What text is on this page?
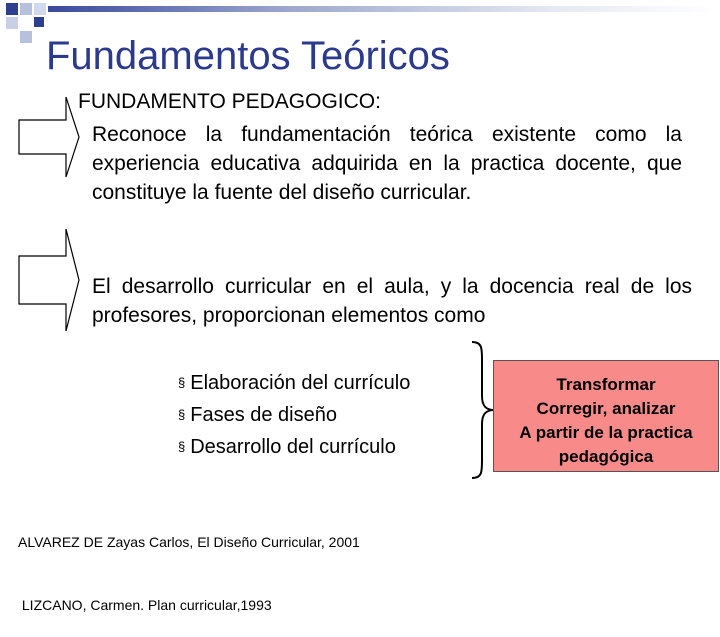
Fundamentos Teóricos
FUNDAMENTO PEDAGOGICO:
Reconoce la fundamentación teórica existente como la experiencia educativa adquirida en la practica docente, que constituye la fuente del diseño curricular.
El desarrollo curricular en el aula, y la docencia real de los profesores, proporcionan elementos como
§ Elaboración del currículo
§ Fases de diseño
§ Desarrollo del currículo
Transformar
Corregir, analizar
A partir de la practica
pedagógica

ALVAREZ DE Zayas Carlos, El Diseño Curricular, 2001

LIZCANO, Carmen. Plan curricular,1993
